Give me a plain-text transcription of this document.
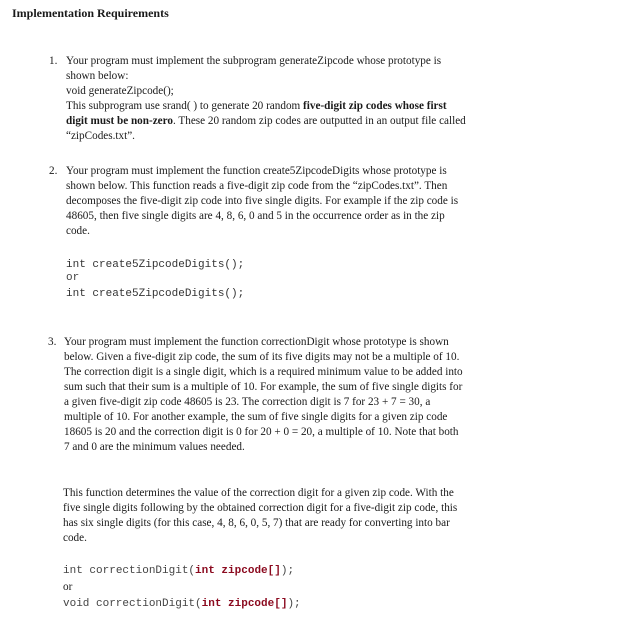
Implementation Requirements
1. Your program must implement the subprogram generateZipcode whose prototype is
shown below:
void generateZipcode();
This subprogram use srand( ) to generate 20 random five-digit zip codes whose first
digit must be non-zero. These 20 random zip codes are outputted in an output file called
“zipCodes.txt”.
2. Your program must implement the function create5ZipcodeDigits whose prototype is
shown below. This function reads a five-digit zip code from the “zipCodes.txt”. Then
decomposes the five-digit zip code into five single digits. For example if the zip code is
48605, then five single digits are 4, 8, 6, 0 and 5 in the occurrence order as in the zip
code.
int create5ZipcodeDigits();
or
int create5ZipcodeDigits();
3. Your program must implement the function correctionDigit whose prototype is shown
below. Given a five-digit zip code, the sum of its five digits may not be a multiple of 10.
The correction digit is a single digit, which is a required minimum value to be added into
sum such that their sum is a multiple of 10. For example, the sum of five single digits for
a given five-digit zip code 48605 is 23. The correction digit is 7 for 23 + 7 = 30, a
multiple of 10. For another example, the sum of five single digits for a given zip code
18605 is 20 and the correction digit is 0 for 20 + 0 = 20, a multiple of 10. Note that both
7 and 0 are the minimum values needed.
This function determines the value of the correction digit for a given zip code. With the
five single digits following by the obtained correction digit for a five-digit zip code, this
has six single digits (for this case, 4, 8, 6, 0, 5, 7) that are ready for converting into bar
code.
int correctionDigit(int zipcode[]);
or
void correctionDigit(int zipcode[]);
